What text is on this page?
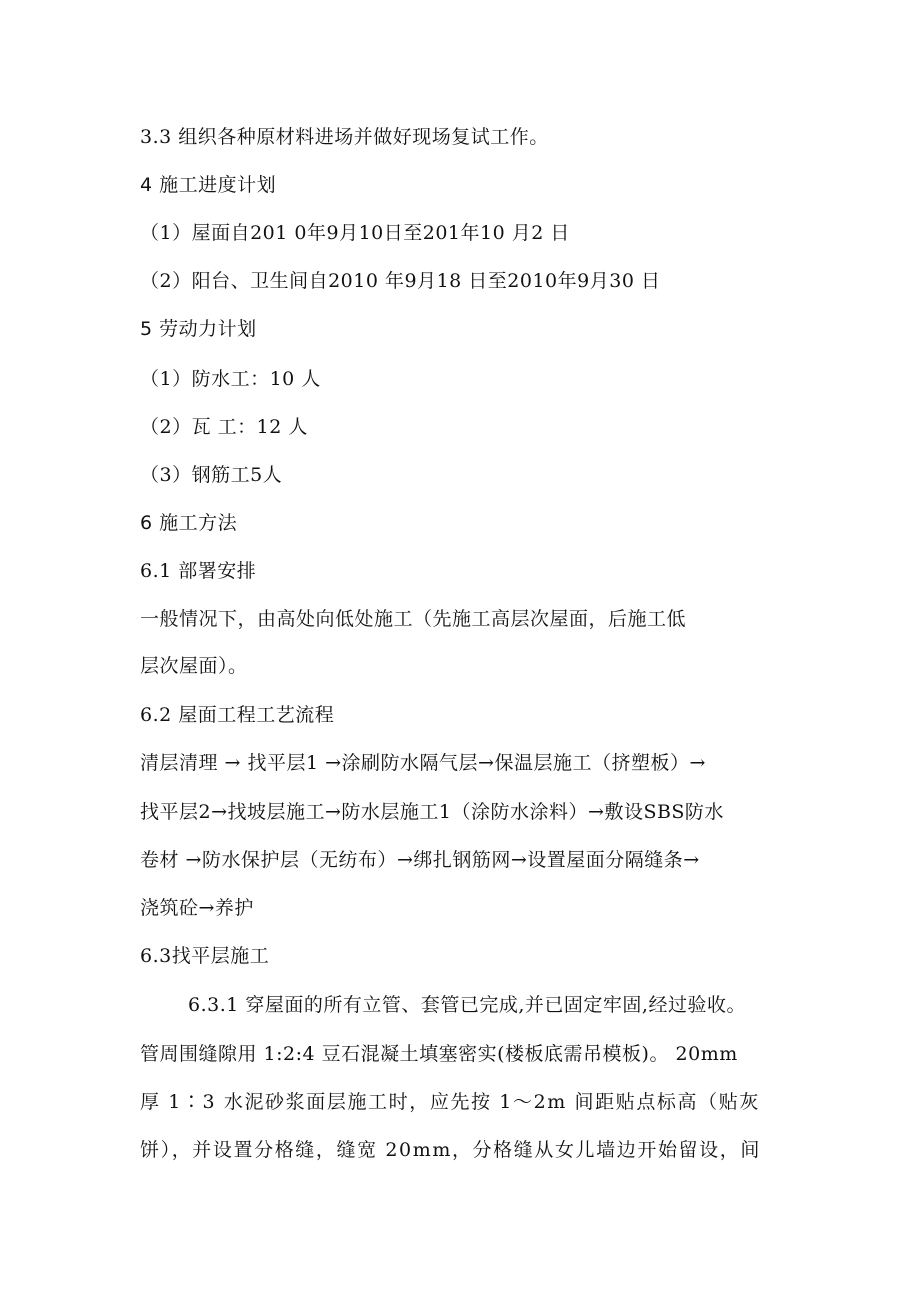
3.3 组织各种原材料进场并做好现场复试工作。
4 施工进度计划
（1）屋面自201 0年9月10日至201年10 月2 日
（2）阳台、卫生间自2010 年9月18 日至2010年9月30 日
5 劳动力计划
（1）防水工：10 人
（2）瓦 工：12 人
（3）钢筋工5人
6 施工方法
6.1 部署安排
一般情况下，由高处向低处施工（先施工高层次屋面，后施工低
层次屋面）。
6.2 屋面工程工艺流程
清层清理 → 找平层1 →涂刷防水隔气层→保温层施工（挤塑板）→
找平层2→找坡层施工→防水层施工1（涂防水涂料）→敷设SBS防水
卷材 →防水保护层（无纺布）→绑扎钢筋网→设置屋面分隔缝条→
浇筑砼→养护
6.3找平层施工
6.3.1 穿屋面的所有立管、套管已完成,并已固定牢固,经过验收。
管周围缝隙用 1:2:4 豆石混凝土填塞密实(楼板底需吊模板)。 20mm
厚 1∶3 水泥砂浆面层施工时，应先按 1～2m 间距贴点标高（贴灰
饼），并设置分格缝，缝宽 20mm，分格缝从女儿墙边开始留设，间
